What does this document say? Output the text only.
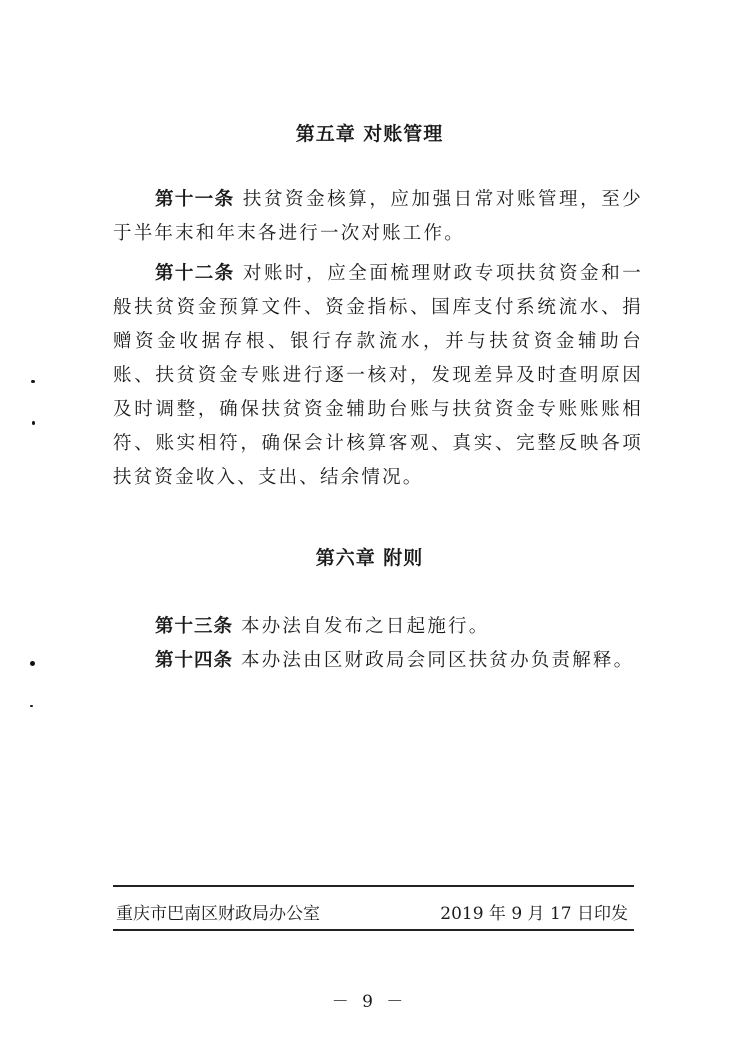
第五章 对账管理

第十一条 扶贫资金核算，应加强日常对账管理，至少于半年末和年末各进行一次对账工作。

第十二条 对账时，应全面梳理财政专项扶贫资金和一般扶贫资金预算文件、资金指标、国库支付系统流水、捐赠资金收据存根、银行存款流水，并与扶贫资金辅助台账、扶贫资金专账进行逐一核对，发现差异及时查明原因及时调整，确保扶贫资金辅助台账与扶贫资金专账账账相符、账实相符，确保会计核算客观、真实、完整反映各项扶贫资金收入、支出、结余情况。

第六章 附则

第十三条 本办法自发布之日起施行。

第十四条 本办法由区财政局会同区扶贫办负责解释。

重庆市巴南区财政局办公室	2019 年 9 月 17 日印发
－ 9 －
